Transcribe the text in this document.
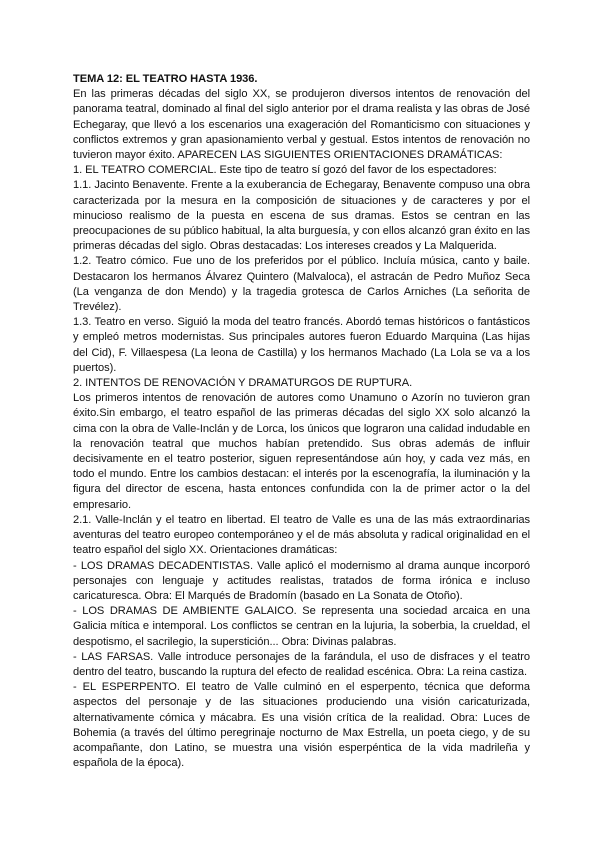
TEMA 12: EL TEATRO HASTA 1936.

En las primeras décadas del siglo XX, se produjeron diversos intentos de renovación del panorama teatral, dominado al final del siglo anterior por el drama realista y las obras de José Echegaray, que llevó a los escenarios una exageración del Romanticismo con situaciones y conflictos extremos y gran apasionamiento verbal y gestual. Estos intentos de renovación no tuvieron mayor éxito. APARECEN LAS SIGUIENTES ORIENTACIONES DRAMÁTICAS:

1. EL TEATRO COMERCIAL. Este tipo de teatro sí gozó del favor de los espectadores:

1.1. Jacinto Benavente. Frente a la exuberancia de Echegaray, Benavente compuso una obra caracterizada por la mesura en la composición de situaciones y de caracteres y por el minucioso realismo de la puesta en escena de sus dramas. Estos se centran en las preocupaciones de su público habitual, la alta burguesía, y con ellos alcanzó gran éxito en las primeras décadas del siglo. Obras destacadas: Los intereses creados y La Malquerida.

1.2. Teatro cómico. Fue uno de los preferidos por el público. Incluía música, canto y baile. Destacaron los hermanos Álvarez Quintero (Malvaloca), el astracán de Pedro Muñoz Seca (La venganza de don Mendo) y la tragedia grotesca de Carlos Arniches (La señorita de Trevélez).

1.3. Teatro en verso. Siguió la moda del teatro francés. Abordó temas históricos o fantásticos y empleó metros modernistas. Sus principales autores fueron Eduardo Marquina (Las hijas del Cid), F. Villaespesa (La leona de Castilla) y los hermanos Machado (La Lola se va a los puertos).

2. INTENTOS DE RENOVACIÓN Y DRAMATURGOS DE RUPTURA.

Los primeros intentos de renovación de autores como Unamuno o Azorín no tuvieron gran éxito.Sin embargo, el teatro español de las primeras décadas del siglo XX solo alcanzó la cima con la obra de Valle-Inclán y de Lorca, los únicos que lograron una calidad indudable en la renovación teatral que muchos habían pretendido. Sus obras además de influir decisivamente en el teatro posterior, siguen representándose aún hoy, y cada vez más, en todo el mundo. Entre los cambios destacan: el interés por la escenografía, la iluminación y la figura del director de escena, hasta entonces confundida con la de primer actor o la del empresario.

2.1. Valle-Inclán y el teatro en libertad. El teatro de Valle es una de las más extraordinarias aventuras del teatro europeo contemporáneo y el de más absoluta y radical originalidad en el teatro español del siglo XX. Orientaciones dramáticas:

- LOS DRAMAS DECADENTISTAS. Valle aplicó el modernismo al drama aunque incorporó personajes con lenguaje y actitudes realistas, tratados de forma irónica e incluso caricaturesca. Obra: El Marqués de Bradomín (basado en La Sonata de Otoño).

- LOS DRAMAS DE AMBIENTE GALAICO. Se representa una sociedad arcaica en una Galicia mítica e intemporal. Los conflictos se centran en la lujuria, la soberbia, la crueldad, el despotismo, el sacrilegio, la superstición... Obra: Divinas palabras.

- LAS FARSAS. Valle introduce personajes de la farándula, el uso de disfraces y el teatro dentro del teatro, buscando la ruptura del efecto de realidad escénica. Obra: La reina castiza.

- EL ESPERPENTO. El teatro de Valle culminó en el esperpento, técnica que deforma aspectos del personaje y de las situaciones produciendo una visión caricaturizada, alternativamente cómica y mácabra. Es una visión crítica de la realidad. Obra: Luces de Bohemia (a través del último peregrinaje nocturno de Max Estrella, un poeta ciego, y de su acompañante, don Latino, se muestra una visión esperpéntica de la vida madrileña y española de la época).
